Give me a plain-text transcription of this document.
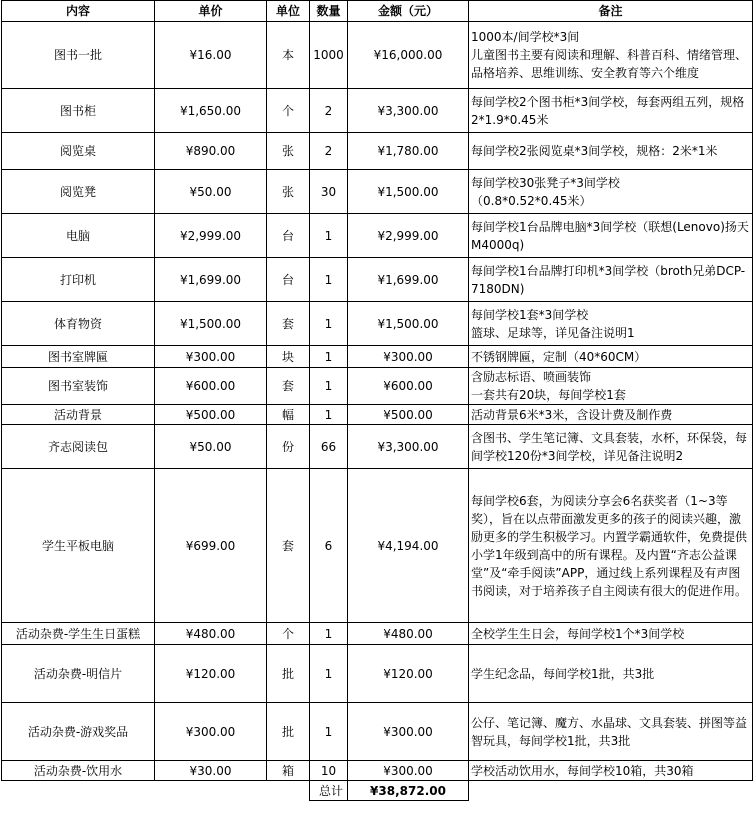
内容	单价	单位	数量	金额（元）	备注
图书一批	¥16.00	本	1000	¥16,000.00	1000本/间学校*3间
儿童图书主要有阅读和理解、科普百科、情绪管理、品格培养、思维训练、安全教育等六个维度
图书柜	¥1,650.00	个	2	¥3,300.00	每间学校2个图书柜*3间学校，每套两组五列，规格2*1.9*0.45米
阅览桌	¥890.00	张	2	¥1,780.00	每间学校2张阅览桌*3间学校，规格：2米*1米
阅览凳	¥50.00	张	30	¥1,500.00	每间学校30张凳子*3间学校
（0.8*0.52*0.45米）
电脑	¥2,999.00	台	1	¥2,999.00	每间学校1台品牌电脑*3间学校（联想(Lenovo)扬天M4000q)
打印机	¥1,699.00	台	1	¥1,699.00	每间学校1台品牌打印机*3间学校（broth兄弟DCP-7180DN)
体育物资	¥1,500.00	套	1	¥1,500.00	每间学校1套*3间学校
篮球、足球等，详见备注说明1
图书室牌匾	¥300.00	块	1	¥300.00	不锈钢牌匾，定制（40*60CM）
图书室装饰	¥600.00	套	1	¥600.00	含励志标语、喷画装饰
一套共有20块，每间学校1套
活动背景	¥500.00	幅	1	¥500.00	活动背景6米*3米，含设计费及制作费
齐志阅读包	¥50.00	份	66	¥3,300.00	含图书、学生笔记簿、文具套装，水杯，环保袋，每间学校120份*3间学校，详见备注说明2
学生平板电脑	¥699.00	套	6	¥4,194.00	每间学校6套，为阅读分享会6名获奖者（1~3等奖），旨在以点带面激发更多的孩子的阅读兴趣，激励更多的学生积极学习。内置学霸通软件，免费提供小学1年级到高中的所有课程。及内置“齐志公益课堂”及“牵手阅读”APP，通过线上系列课程及有声图书阅读，对于培养孩子自主阅读有很大的促进作用。
活动杂费-学生生日蛋糕	¥480.00	个	1	¥480.00	全校学生生日会，每间学校1个*3间学校
活动杂费-明信片	¥120.00	批	1	¥120.00	学生纪念品，每间学校1批，共3批
活动杂费-游戏奖品	¥300.00	批	1	¥300.00	公仔、笔记簿、魔方、水晶球、文具套装、拼图等益智玩具，每间学校1批，共3批
活动杂费-饮用水	¥30.00	箱	10	¥300.00	学校活动饮用水，每间学校10箱，共30箱
			总计	¥38,872.00	
